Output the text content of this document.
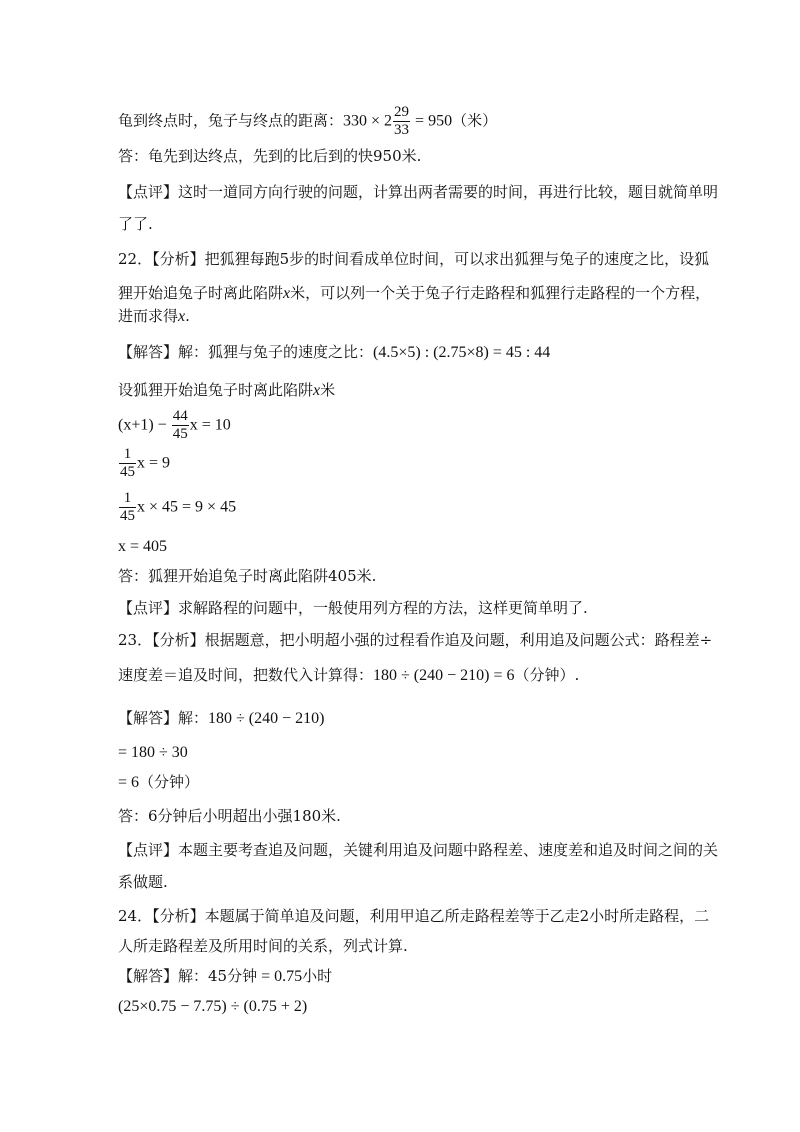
龟到终点时，兔子与终点的距离：$330 \times 2 \frac{29}{33} = 950$（米）
答：龟先到达终点，先到的比后到的快950米.
【点评】这时一道同方向行驶的问题，计算出两者需要的时间，再进行比较，题目就简单明
了了.
22．【分析】把狐狸每跑5步的时间看成单位时间，可以求出狐狸与兔子的速度之比，设狐
狸开始追兔子时离此陷阱x米，可以列一个关于兔子行走路程和狐狸行走路程的一个方程，
进而求得x.
【解答】解：狐狸与兔子的速度之比：(4.5×5) : (2.75×8) = 45 : 44
设狐狸开始追兔子时离此陷阱x米
$(x+1) - \frac{44}{45}$ x = 10
$\frac{1}{45}$ x = 9
$\frac{1}{45}$ x × 45 = 9 × 45
x = 405
答：狐狸开始追兔子时离此陷阱405米.
【点评】求解路程的问题中，一般使用列方程的方法，这样更简单明了.
23．【分析】根据题意，把小明超小强的过程看作追及问题，利用追及问题公式：路程差÷
速度差＝追及时间，把数代入计算得：180 ÷ (240 − 210) = 6（分钟）.
【解答】解：180 ÷ (240 − 210)
= 180 ÷ 30
= 6（分钟）
答：6分钟后小明超出小强180米.
【点评】本题主要考查追及问题，关键利用追及问题中路程差、速度差和追及时间之间的关
系做题.
24．【分析】本题属于简单追及问题，利用甲追乙所走路程差等于乙走2小时所走路程，二
人所走路程差及所用时间的关系，列式计算.
【解答】解：45分钟 = 0.75小时
(25×0.75 − 7.75) ÷ (0.75 + 2)
